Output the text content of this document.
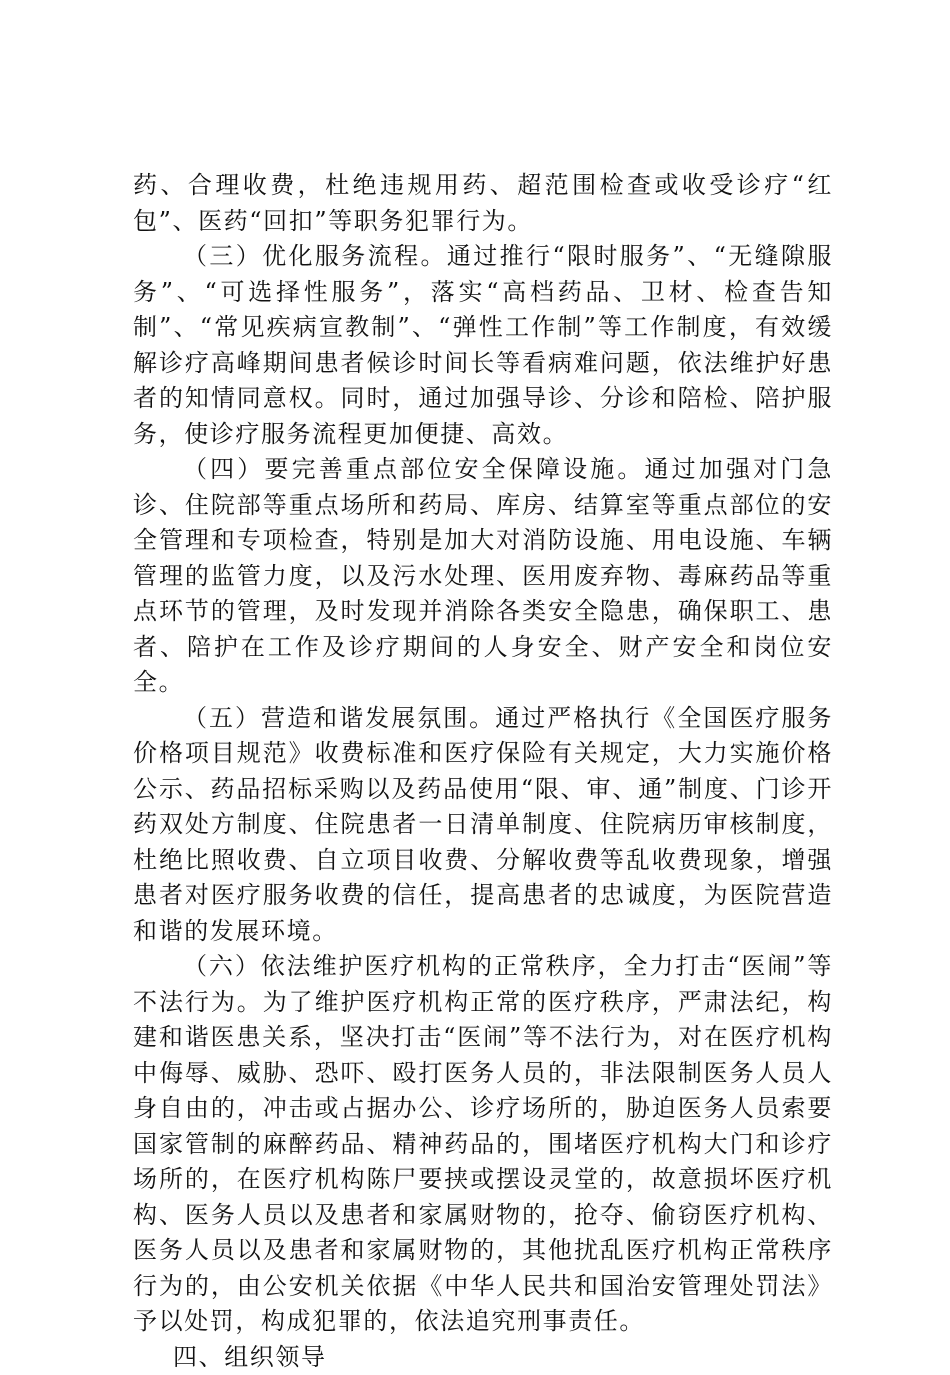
药、合理收费，杜绝违规用药、超范围检查或收受诊疗“红包”、医药“回扣”等职务犯罪行为。

（三）优化服务流程。通过推行“限时服务”、“无缝隙服务”、“可选择性服务”，落实“高档药品、卫材、检查告知制”、“常见疾病宣教制”、“弹性工作制”等工作制度，有效缓解诊疗高峰期间患者候诊时间长等看病难问题，依法维护好患者的知情同意权。同时，通过加强导诊、分诊和陪检、陪护服务，使诊疗服务流程更加便捷、高效。

（四）要完善重点部位安全保障设施。通过加强对门急诊、住院部等重点场所和药局、库房、结算室等重点部位的安全管理和专项检查，特别是加大对消防设施、用电设施、车辆管理的监管力度，以及污水处理、医用废弃物、毒麻药品等重点环节的管理，及时发现并消除各类安全隐患，确保职工、患者、陪护在工作及诊疗期间的人身安全、财产安全和岗位安全。

（五）营造和谐发展氛围。通过严格执行《全国医疗服务价格项目规范》收费标准和医疗保险有关规定，大力实施价格公示、药品招标采购以及药品使用“限、审、通”制度、门诊开药双处方制度、住院患者一日清单制度、住院病历审核制度，杜绝比照收费、自立项目收费、分解收费等乱收费现象，增强患者对医疗服务收费的信任，提高患者的忠诚度，为医院营造和谐的发展环境。

（六）依法维护医疗机构的正常秩序，全力打击“医闹”等不法行为。为了维护医疗机构正常的医疗秩序，严肃法纪，构建和谐医患关系，坚决打击“医闹”等不法行为，对在医疗机构中侮辱、威胁、恐吓、殴打医务人员的，非法限制医务人员人身自由的，冲击或占据办公、诊疗场所的，胁迫医务人员索要国家管制的麻醉药品、精神药品的，围堵医疗机构大门和诊疗场所的，在医疗机构陈尸要挟或摆设灵堂的，故意损坏医疗机构、医务人员以及患者和家属财物的，抢夺、偷窃医疗机构、医务人员以及患者和家属财物的，其他扰乱医疗机构正常秩序行为的，由公安机关依据《中华人民共和国治安管理处罚法》予以处罚，构成犯罪的，依法追究刑事责任。

四、组织领导
